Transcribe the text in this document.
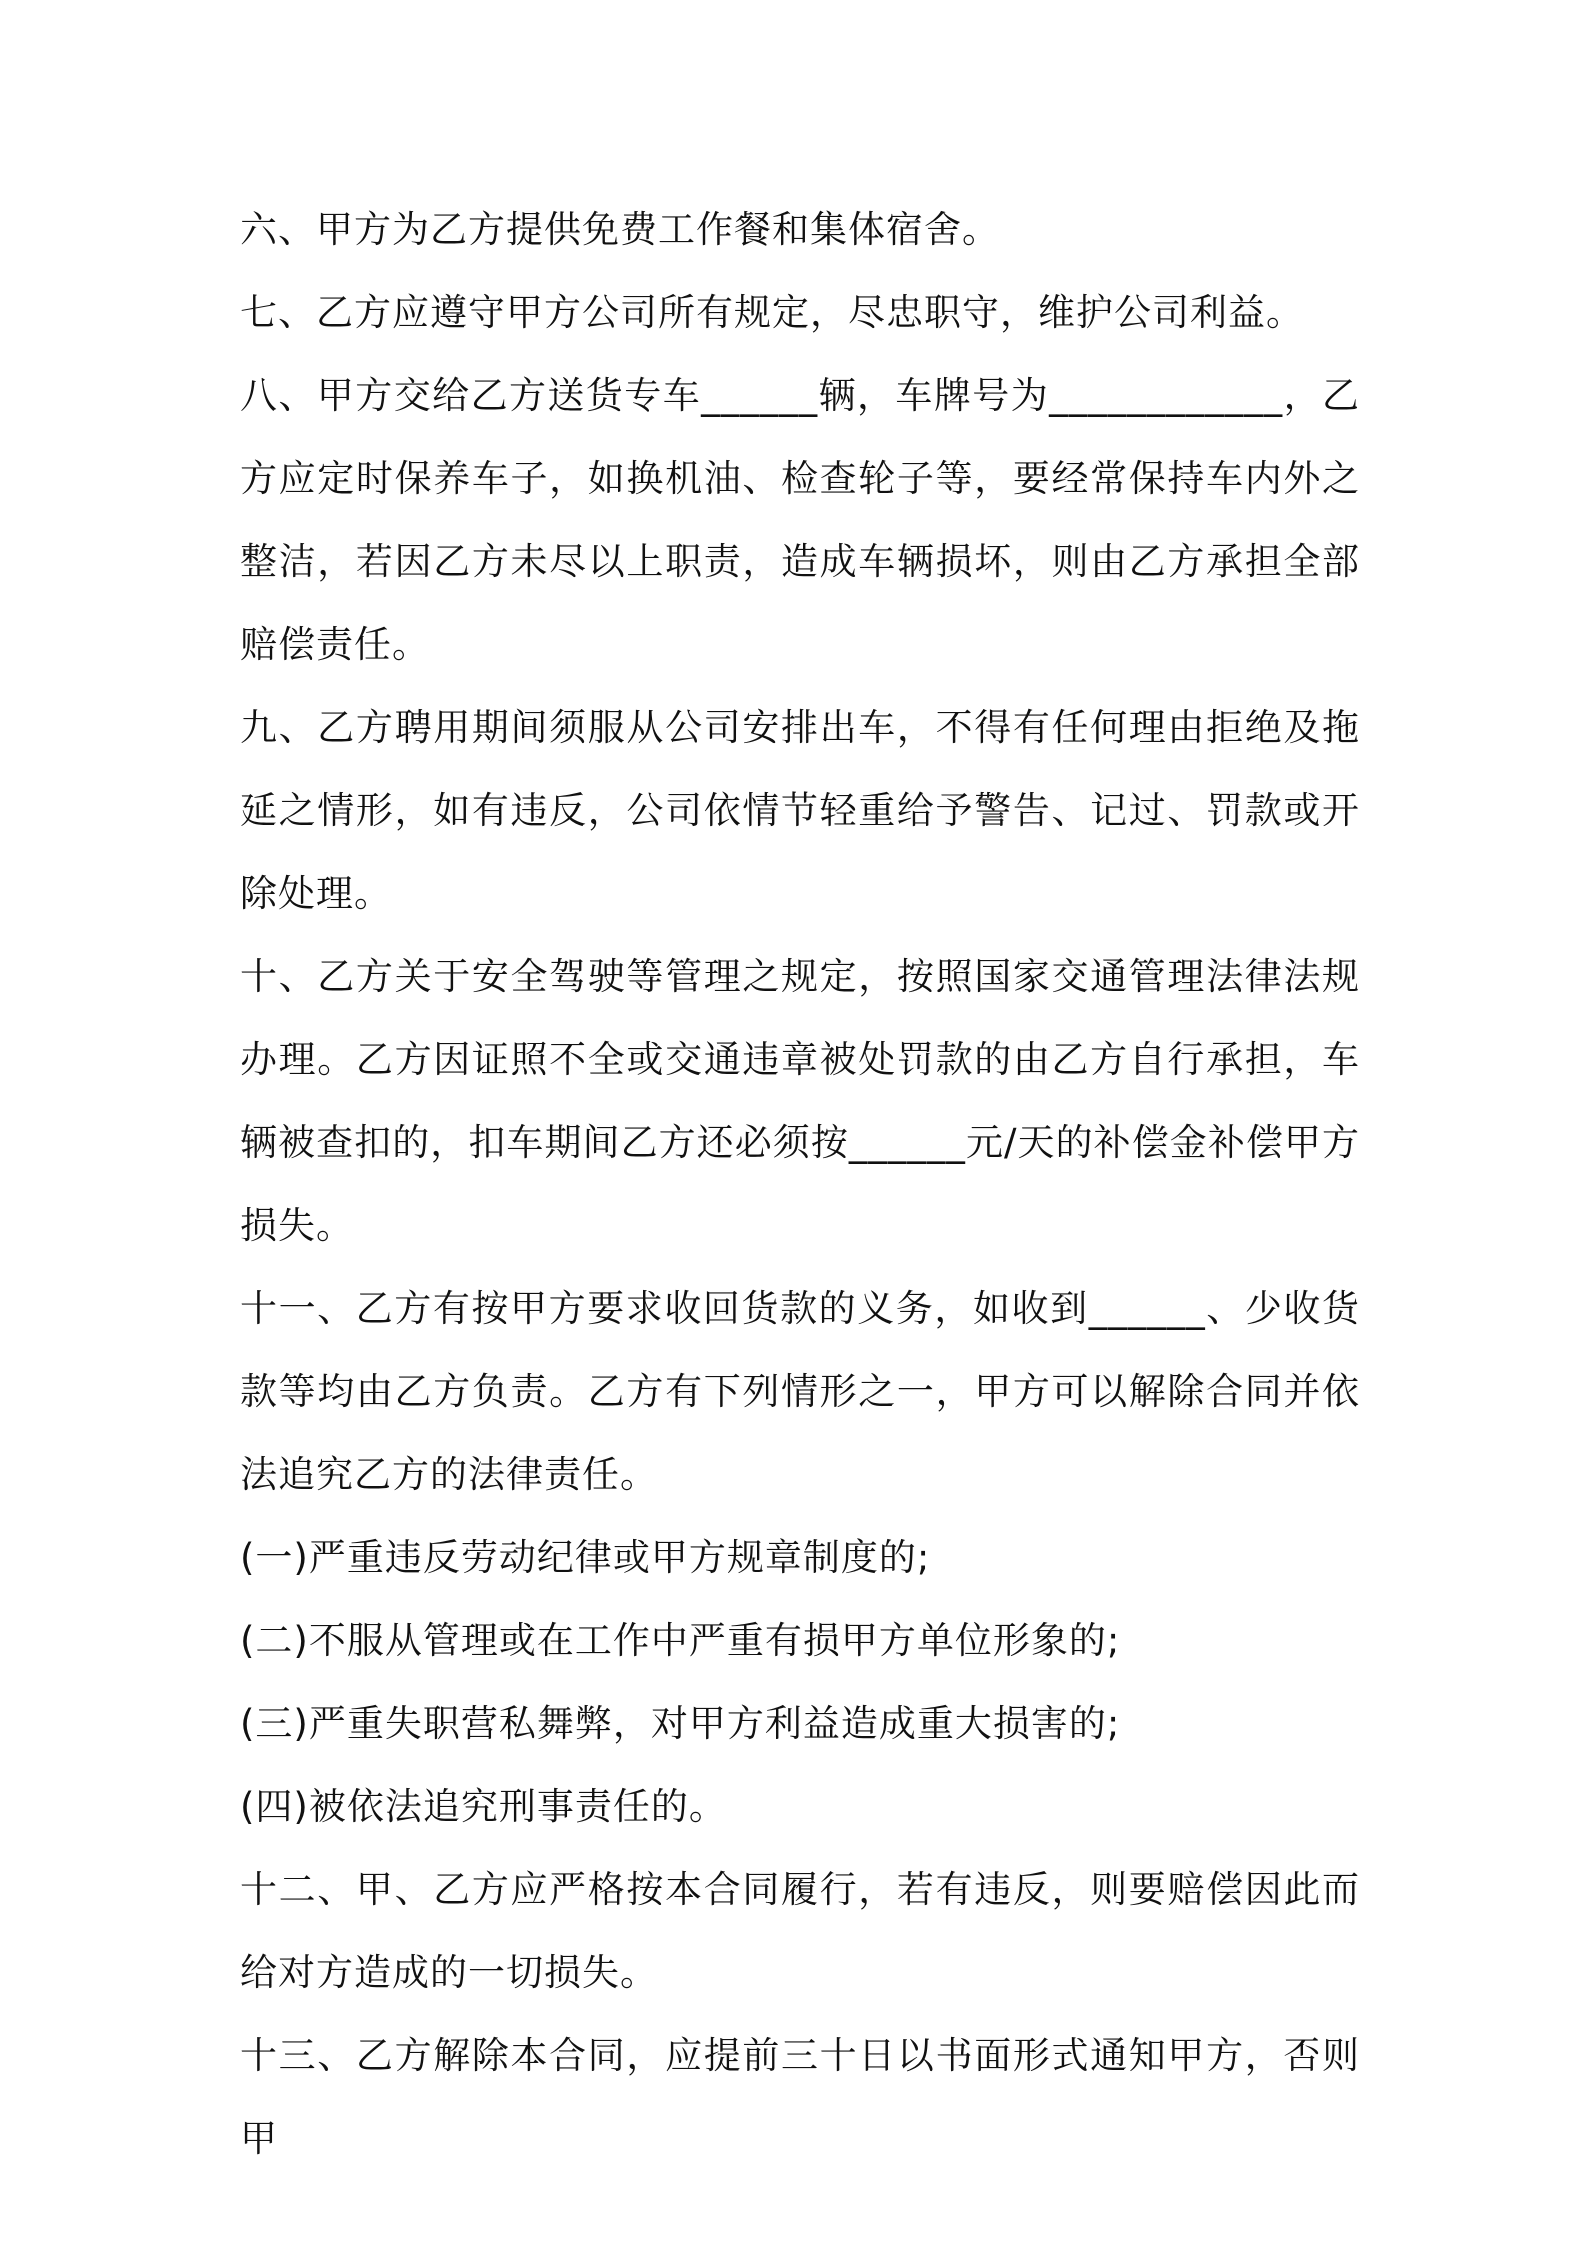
六、甲方为乙方提供免费工作餐和集体宿舍。

七、乙方应遵守甲方公司所有规定，尽忠职守，维护公司利益。

八、甲方交给乙方送货专车______辆，车牌号为____________，乙方应定时保养车子，如换机油、检查轮子等，要经常保持车内外之整洁，若因乙方未尽以上职责，造成车辆损坏，则由乙方承担全部赔偿责任。

九、乙方聘用期间须服从公司安排出车，不得有任何理由拒绝及拖延之情形，如有违反，公司依情节轻重给予警告、记过、罚款或开除处理。

十、乙方关于安全驾驶等管理之规定，按照国家交通管理法律法规办理。乙方因证照不全或交通违章被处罚款的由乙方自行承担，车辆被查扣的，扣车期间乙方还必须按______元/天的补偿金补偿甲方损失。

十一、乙方有按甲方要求收回货款的义务，如收到______、少收货款等均由乙方负责。乙方有下列情形之一，甲方可以解除合同并依法追究乙方的法律责任。

(一)严重违反劳动纪律或甲方规章制度的;

(二)不服从管理或在工作中严重有损甲方单位形象的;

(三)严重失职营私舞弊，对甲方利益造成重大损害的;

(四)被依法追究刑事责任的。

十二、甲、乙方应严格按本合同履行，若有违反，则要赔偿因此而给对方造成的一切损失。

十三、乙方解除本合同，应提前三十日以书面形式通知甲方，否则甲
